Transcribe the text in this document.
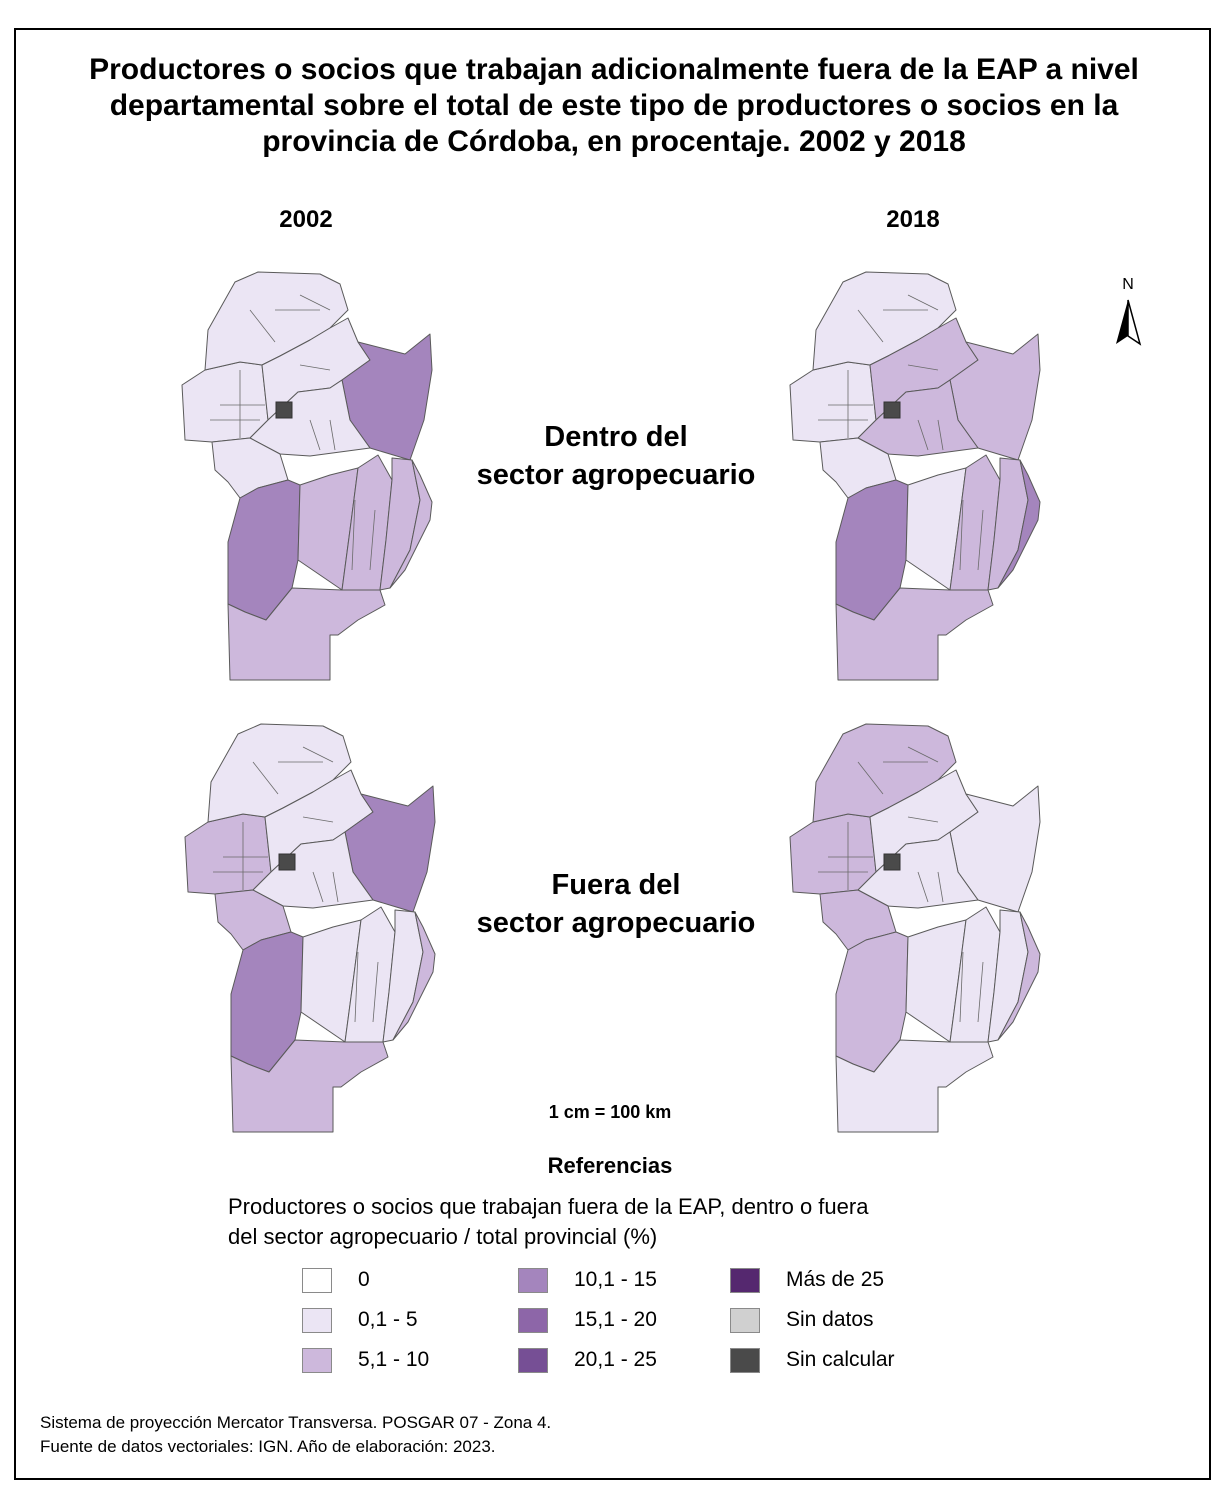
Productores o socios que trabajan adicionalmente fuera de la EAP a nivel
departamental sobre el total de este tipo de productores o socios en la
provincia de Córdoba, en procentaje. 2002 y 2018
2002	2018
Dentro del
sector agropecuario
Fuera del
sector agropecuario
N
1 cm = 100 km
Referencias
Productores o socios que trabajan fuera de la EAP, dentro o fuera
del sector agropecuario / total provincial (%)
0
0,1 - 5
5,1 - 10
10,1 - 15
15,1 - 20
20,1 - 25
Más de 25
Sin datos
Sin calcular
Sistema de proyección Mercator Transversa. POSGAR 07 - Zona 4.
Fuente de datos vectoriales: IGN. Año de elaboración: 2023.
